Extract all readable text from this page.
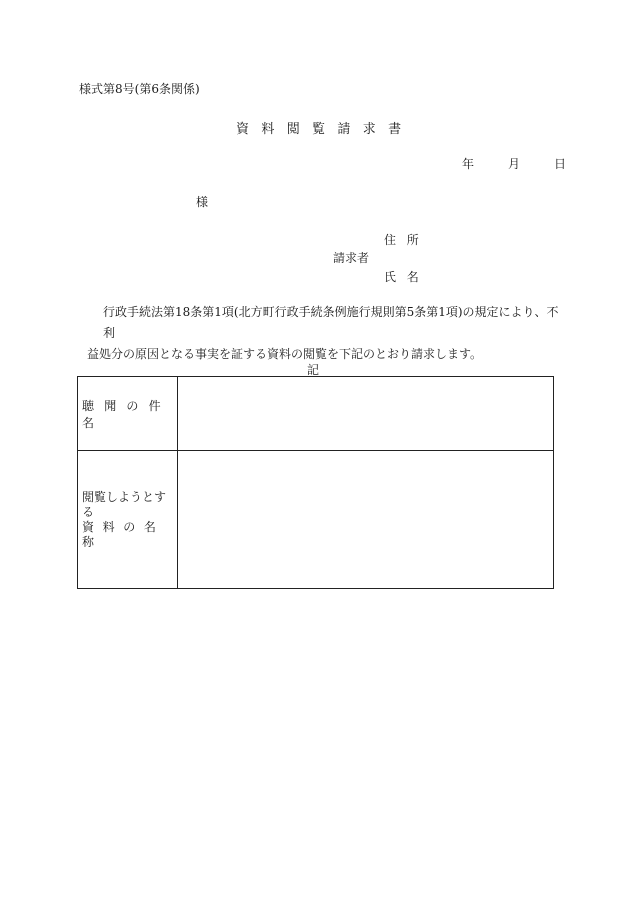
様式第8号(第6条関係)
資料閲覧請求書
年	月	日
様
住所
請求者
氏名
行政手続法第18条第1項(北方町行政手続条例施行規則第5条第1項)の規定により、不利
益処分の原因となる事実を証する資料の閲覧を下記のとおり請求します。
記
聴聞の件名
閲覧しようとする
資料の名称
